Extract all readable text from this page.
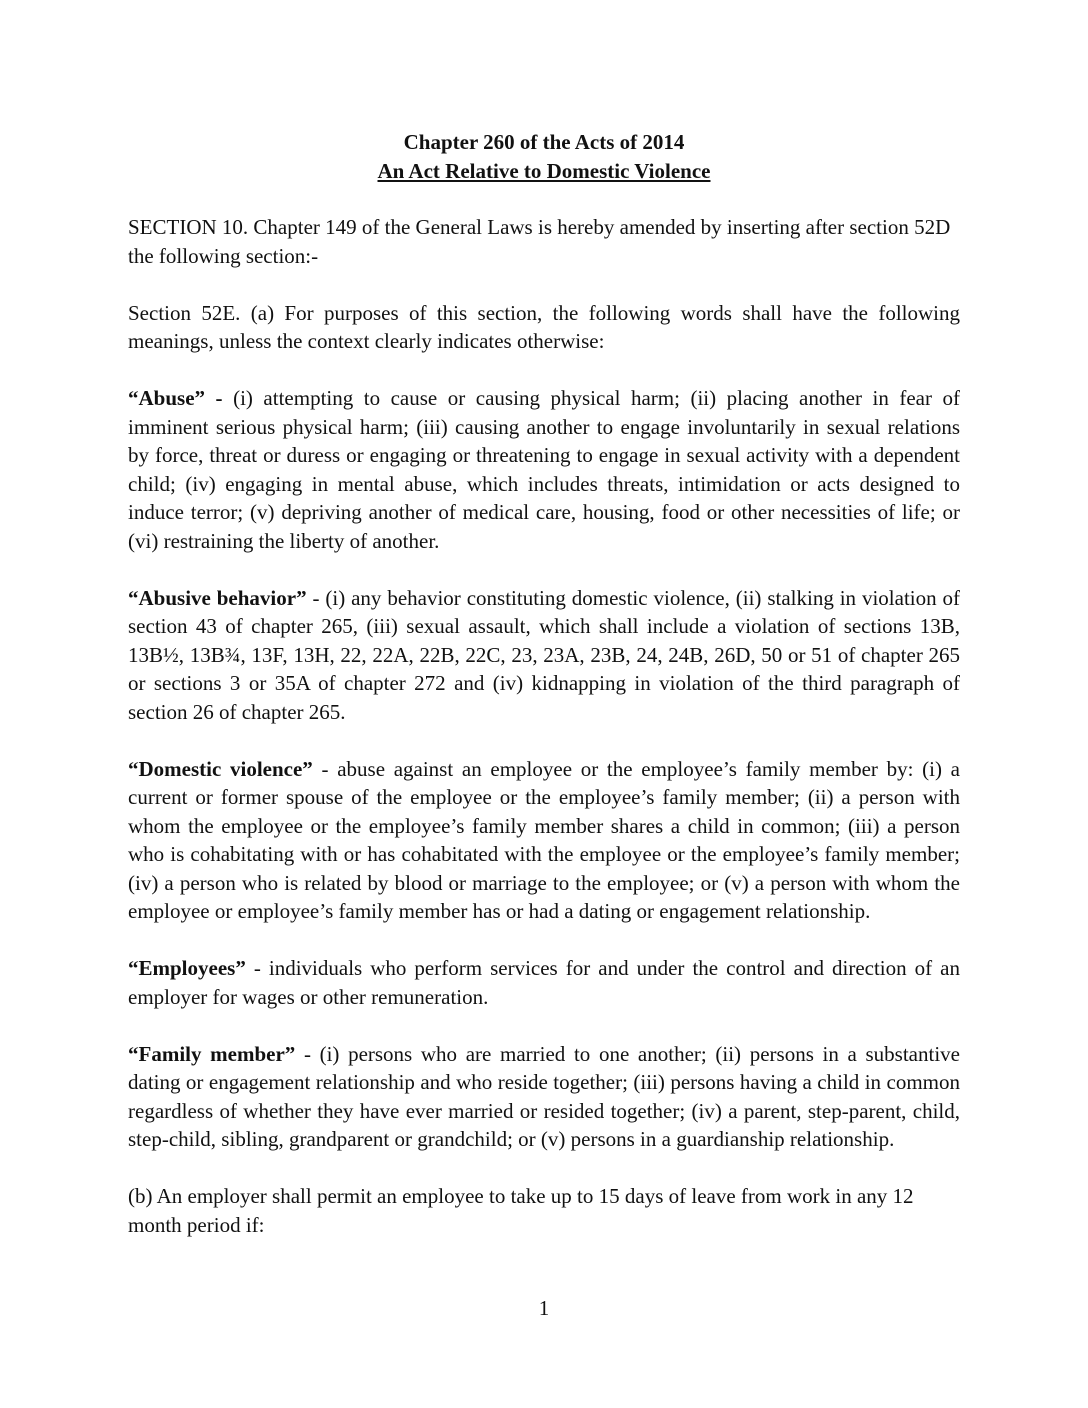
Chapter 260 of the Acts of 2014
An Act Relative to Domestic Violence

SECTION 10. Chapter 149 of the General Laws is hereby amended by inserting after section 52D the following section:-

Section 52E. (a) For purposes of this section, the following words shall have the following meanings, unless the context clearly indicates otherwise:

“Abuse” - (i) attempting to cause or causing physical harm; (ii) placing another in fear of imminent serious physical harm; (iii) causing another to engage involuntarily in sexual relations by force, threat or duress or engaging or threatening to engage in sexual activity with a dependent child; (iv) engaging in mental abuse, which includes threats, intimidation or acts designed to induce terror; (v) depriving another of medical care, housing, food or other necessities of life; or (vi) restraining the liberty of another.

“Abusive behavior” - (i) any behavior constituting domestic violence, (ii) stalking in violation of section 43 of chapter 265, (iii) sexual assault, which shall include a violation of sections 13B, 13B½, 13B¾, 13F, 13H, 22, 22A, 22B, 22C, 23, 23A, 23B, 24, 24B, 26D, 50 or 51 of chapter 265 or sections 3 or 35A of chapter 272 and (iv) kidnapping in violation of the third paragraph of section 26 of chapter 265.

“Domestic violence” - abuse against an employee or the employee’s family member by: (i) a current or former spouse of the employee or the employee’s family member; (ii) a person with whom the employee or the employee’s family member shares a child in common; (iii) a person who is cohabitating with or has cohabitated with the employee or the employee’s family member; (iv) a person who is related by blood or marriage to the employee; or (v) a person with whom the employee or employee’s family member has or had a dating or engagement relationship.

“Employees” - individuals who perform services for and under the control and direction of an employer for wages or other remuneration.

“Family member” - (i) persons who are married to one another; (ii) persons in a substantive dating or engagement relationship and who reside together; (iii) persons having a child in common regardless of whether they have ever married or resided together; (iv) a parent, step-parent, child, step-child, sibling, grandparent or grandchild; or (v) persons in a guardianship relationship.

(b) An employer shall permit an employee to take up to 15 days of leave from work in any 12 month period if:

1
